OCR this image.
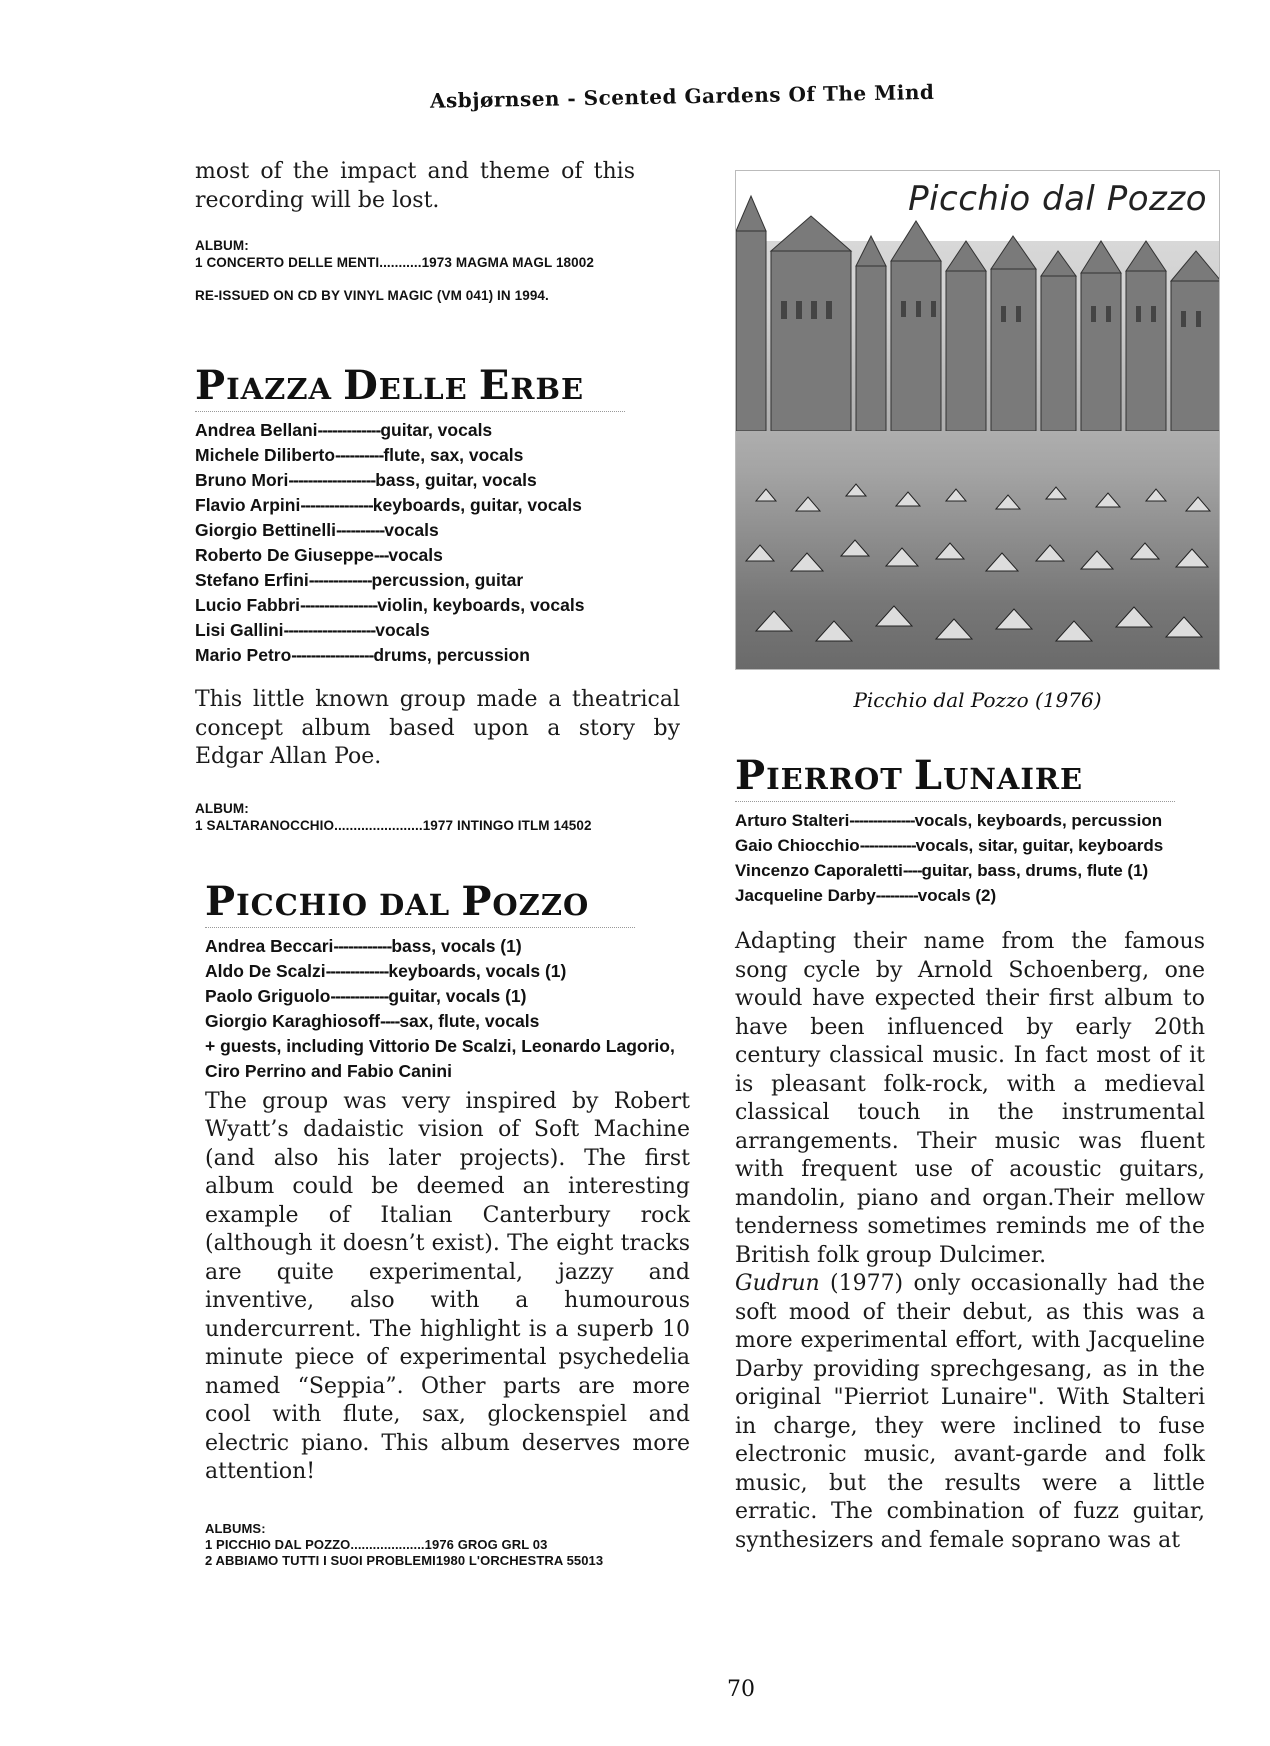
Asbjørnsen - Scented Gardens Of The Mind

most of the impact and theme of this recording will be lost.

ALBUM:
1 CONCERTO DELLE MENTI ........... 1973 MAGMA MAGL 18002
RE-ISSUED ON CD BY VINYL MAGIC (VM 041) IN 1994.
PIAZZA DELLE ERBE
Andrea Bellani ------------- guitar, vocals
Michele Diliberto ---------- flute, sax, vocals
Bruno Mori ------------------ bass, guitar, vocals
Flavio Arpini --------------- keyboards, guitar, vocals
Giorgio Bettinelli ---------- vocals
Roberto De Giuseppe --- vocals
Stefano Erfini ------------- percussion, guitar
Lucio Fabbri ---------------- violin, keyboards, vocals
Lisi Gallini ------------------- vocals
Mario Petro ----------------- drums, percussion

This little known group made a theatrical concept album based upon a story by Edgar Allan Poe.

ALBUM:
1 SALTARANOCCHIO ....................... 1977 INTINGO ITLM 14502
PICCHIO DAL POZZO
Andrea Beccari ------------ bass, vocals (1)
Aldo De Scalzi ------------- keyboards, vocals (1)
Paolo Griguolo ------------ guitar, vocals (1)
Giorgio Karaghiosoff ---- sax, flute, vocals
+ guests, including Vittorio De Scalzi, Leonardo Lagorio,
Ciro Perrino and Fabio Canini

The group was very inspired by Robert Wyatt’s dadaistic vision of Soft Machine (and also his later projects). The first album could be deemed an interesting example of Italian Canterbury rock (although it doesn’t exist). The eight tracks are quite experimental, jazzy and inventive, also with a humourous undercurrent. The highlight is a superb 10 minute piece of experimental psychedelia named “Seppia”. Other parts are more cool with flute, sax, glockenspiel and electric piano. This album deserves more attention!

ALBUMS:
1 PICCHIO DAL POZZO .................... 1976 GROG GRL 03
2 ABBIAMO TUTTI I SUOI PROBLEMI 1980 L'ORCHESTRA 55013
Picchio dal Pozzo
Picchio dal Pozzo (1976)
PIERROT LUNAIRE
Arturo Stalteri -------------- vocals, keyboards, percussion
Gaio Chiocchio ------------ vocals, sitar, guitar, keyboards
Vincenzo Caporaletti ---- guitar, bass, drums, flute (1)
Jacqueline Darby --------- vocals (2)

Adapting their name from the famous song cycle by Arnold Schoenberg, one would have expected their first album to have been influenced by early 20th century classical music. In fact most of it is pleasant folk-rock, with a medieval classical touch in the instrumental arrangements. Their music was fluent with frequent use of acoustic guitars, mandolin, piano and organ.Their mellow tenderness sometimes reminds me of the British folk group Dulcimer.

Gudrun (1977) only occasionally had the soft mood of their debut, as this was a more experimental effort, with Jacqueline Darby providing sprechgesang, as in the original "Pierriot Lunaire". With Stalteri in charge, they were inclined to fuse electronic music, avant-garde and folk music, but the results were a little erratic. The combination of fuzz guitar, synthesizers and female soprano was at

70
